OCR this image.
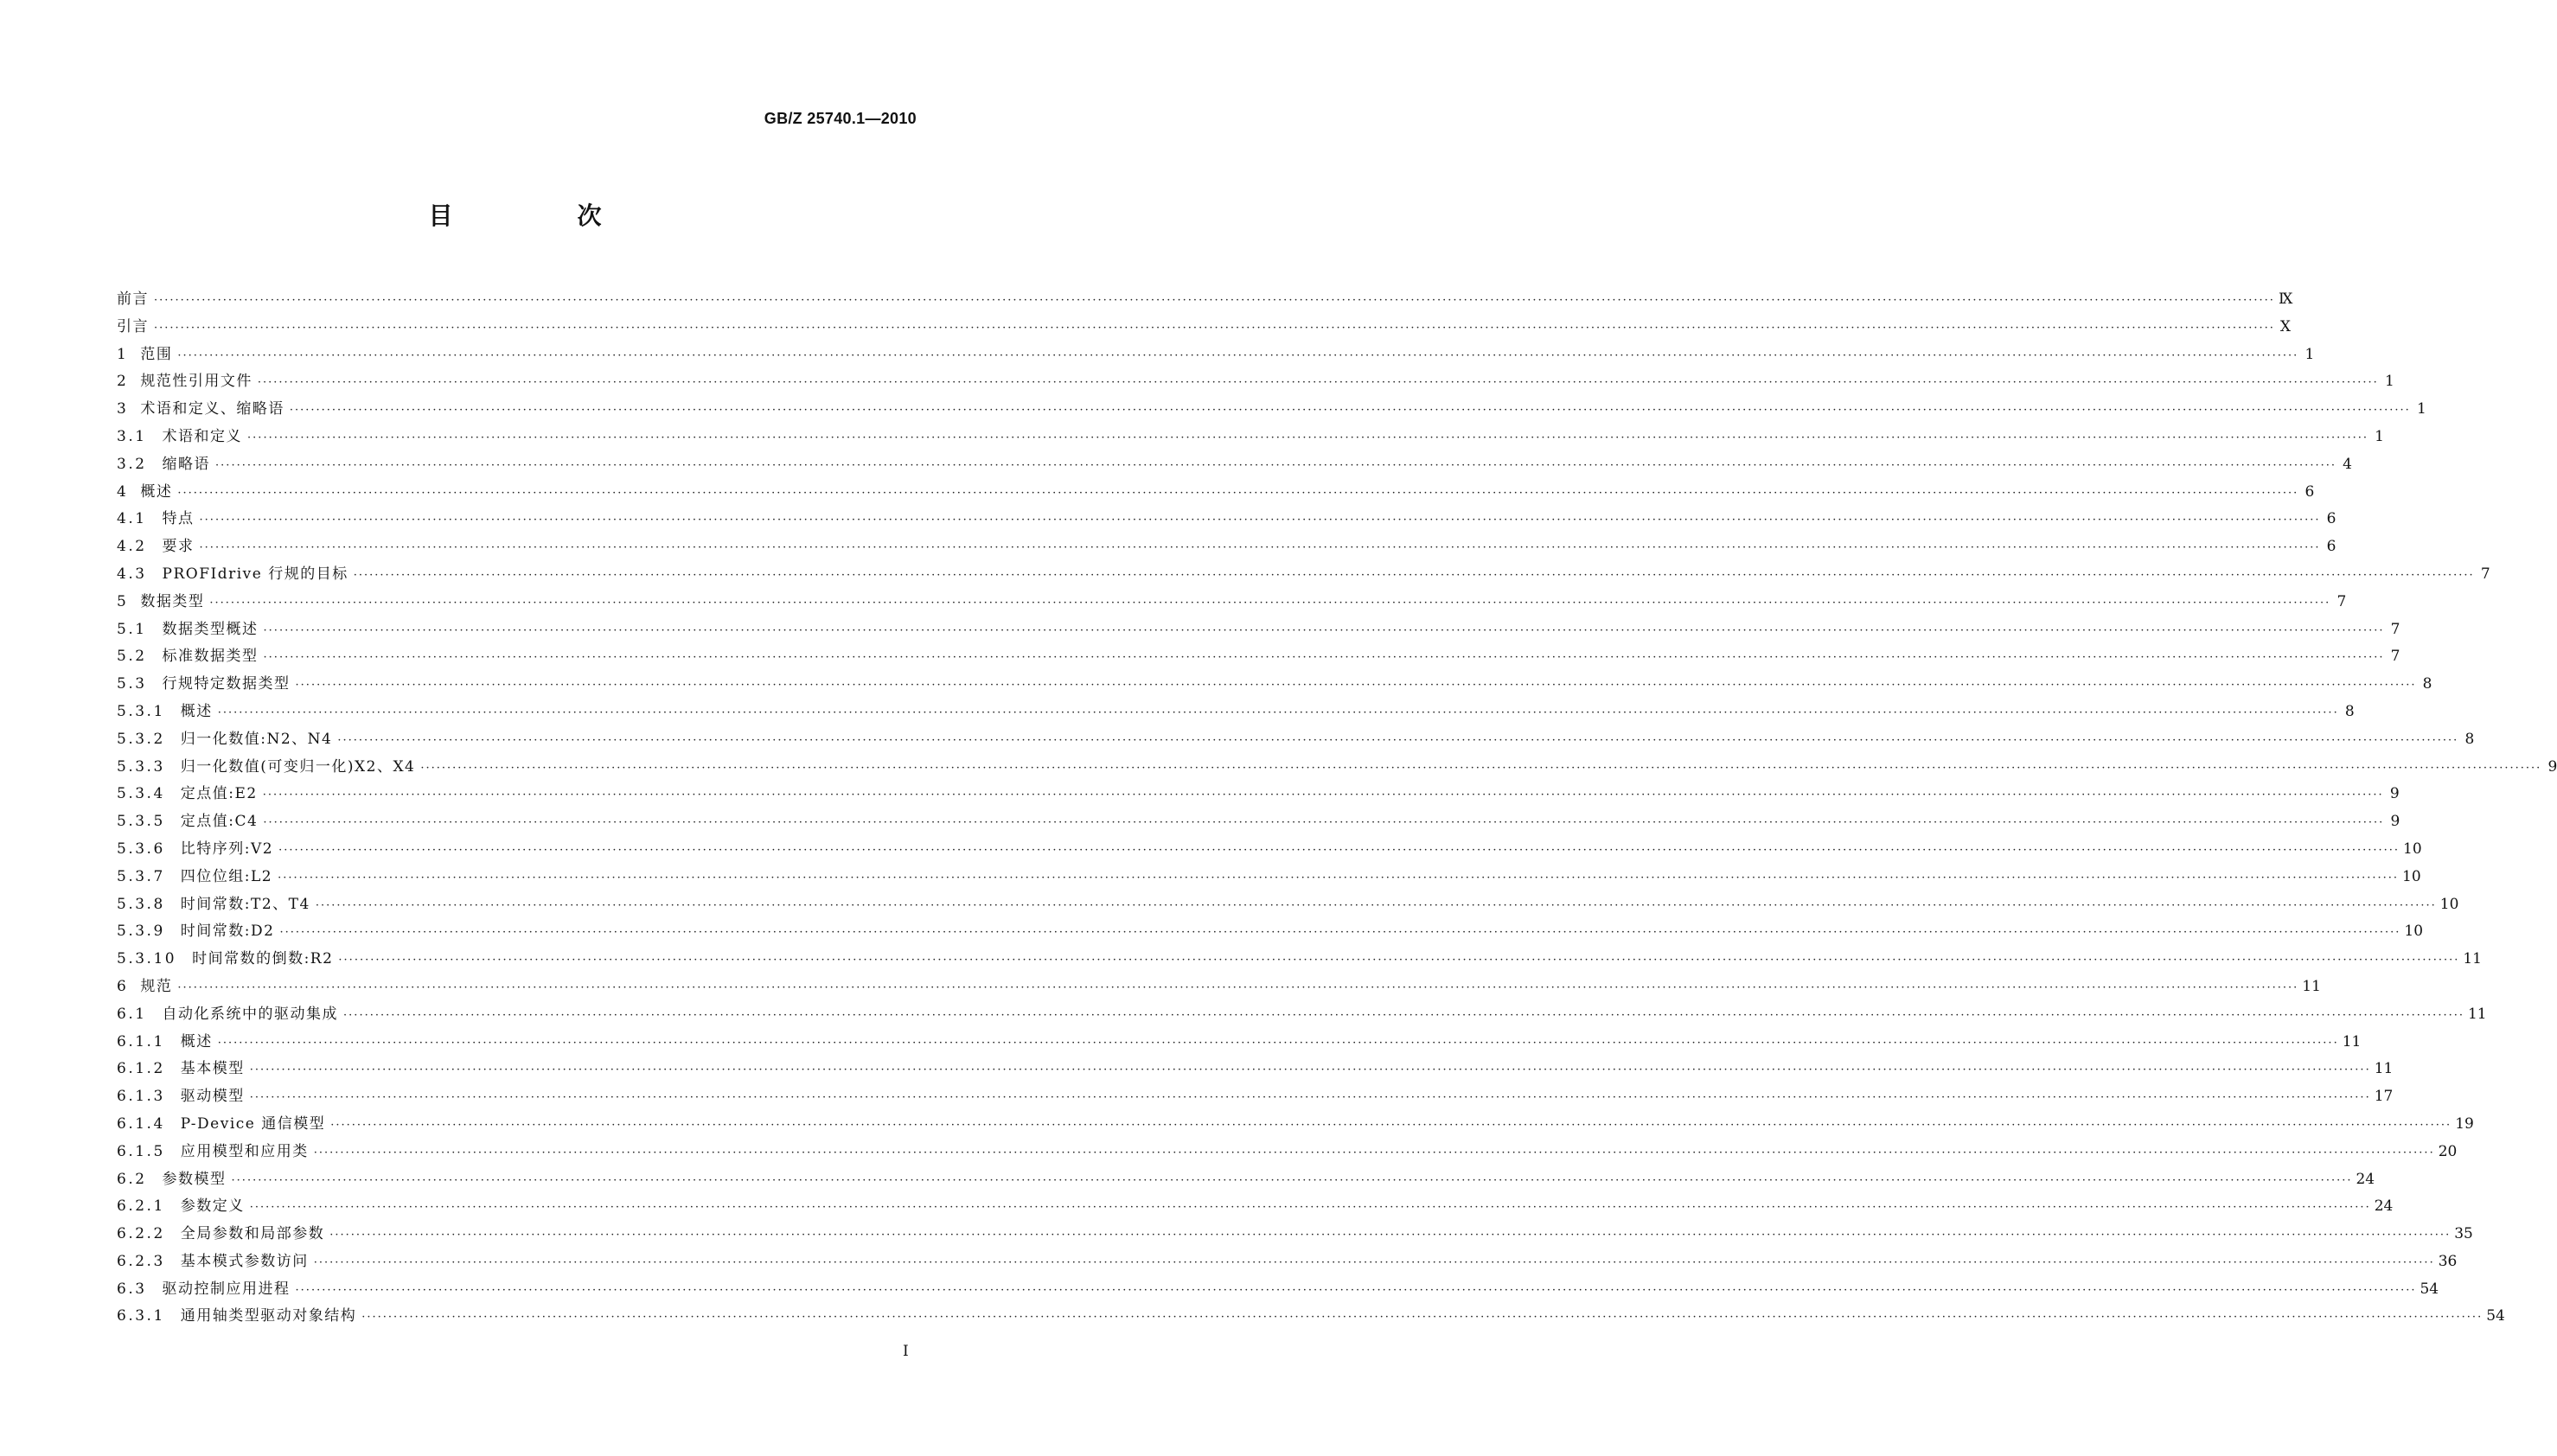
GB/Z 25740.1—2010
目　次
前言 ················································································································································································································································································································································································································ Ⅸ
引言 ················································································································································································································································································································································································································ Ⅹ
1 范围 ················································································································································································································································································································································································································ 1
2 规范性引用文件 ················································································································································································································································································································································································································ 1
3 术语和定义、缩略语 ················································································································································································································································································································································································································ 1
3.1 术语和定义 ················································································································································································································································································································································································································ 1
3.2 缩略语 ················································································································································································································································································································································································································ 4
4 概述 ················································································································································································································································································································································································································ 6
4.1 特点 ················································································································································································································································································································································································································ 6
4.2 要求 ················································································································································································································································································································································································································ 6
4.3 PROFIdrive 行规的目标 ················································································································································································································································································································································································································ 7
5 数据类型 ················································································································································································································································································································································································································ 7
5.1 数据类型概述 ················································································································································································································································································································································································································ 7
5.2 标准数据类型 ················································································································································································································································································································································································································ 7
5.3 行规特定数据类型 ················································································································································································································································································································································································································ 8
5.3.1 概述 ················································································································································································································································································································································································································ 8
5.3.2 归一化数值:N2、N4 ················································································································································································································································································································································································································ 8
5.3.3 归一化数值(可变归一化)X2、X4 ················································································································································································································································································································································································································ 9
5.3.4 定点值:E2 ················································································································································································································································································································································································································ 9
5.3.5 定点值:C4 ················································································································································································································································································································································································································ 9
5.3.6 比特序列:V2 ················································································································································································································································································································································································································ 10
5.3.7 四位位组:L2 ················································································································································································································································································································································································································ 10
5.3.8 时间常数:T2、T4 ················································································································································································································································································································································································································ 10
5.3.9 时间常数:D2 ················································································································································································································································································································································································································ 10
5.3.10 时间常数的倒数:R2 ················································································································································································································································································································································································································ 11
6 规范 ················································································································································································································································································································································································································ 11
6.1 自动化系统中的驱动集成 ················································································································································································································································································································································································································ 11
6.1.1 概述 ················································································································································································································································································································································································································ 11
6.1.2 基本模型 ················································································································································································································································································································································································································ 11
6.1.3 驱动模型 ················································································································································································································································································································································································································ 17
6.1.4 P-Device 通信模型 ················································································································································································································································································································································································································ 19
6.1.5 应用模型和应用类 ················································································································································································································································································································································································································ 20
6.2 参数模型 ················································································································································································································································································································································································································ 24
6.2.1 参数定义 ················································································································································································································································································································································································································ 24
6.2.2 全局参数和局部参数 ················································································································································································································································································································································································································ 35
6.2.3 基本模式参数访问 ················································································································································································································································································································································································································ 36
6.3 驱动控制应用进程 ················································································································································································································································································································································································································ 54
6.3.1 通用轴类型驱动对象结构 ················································································································································································································································································································································································································ 54
I
